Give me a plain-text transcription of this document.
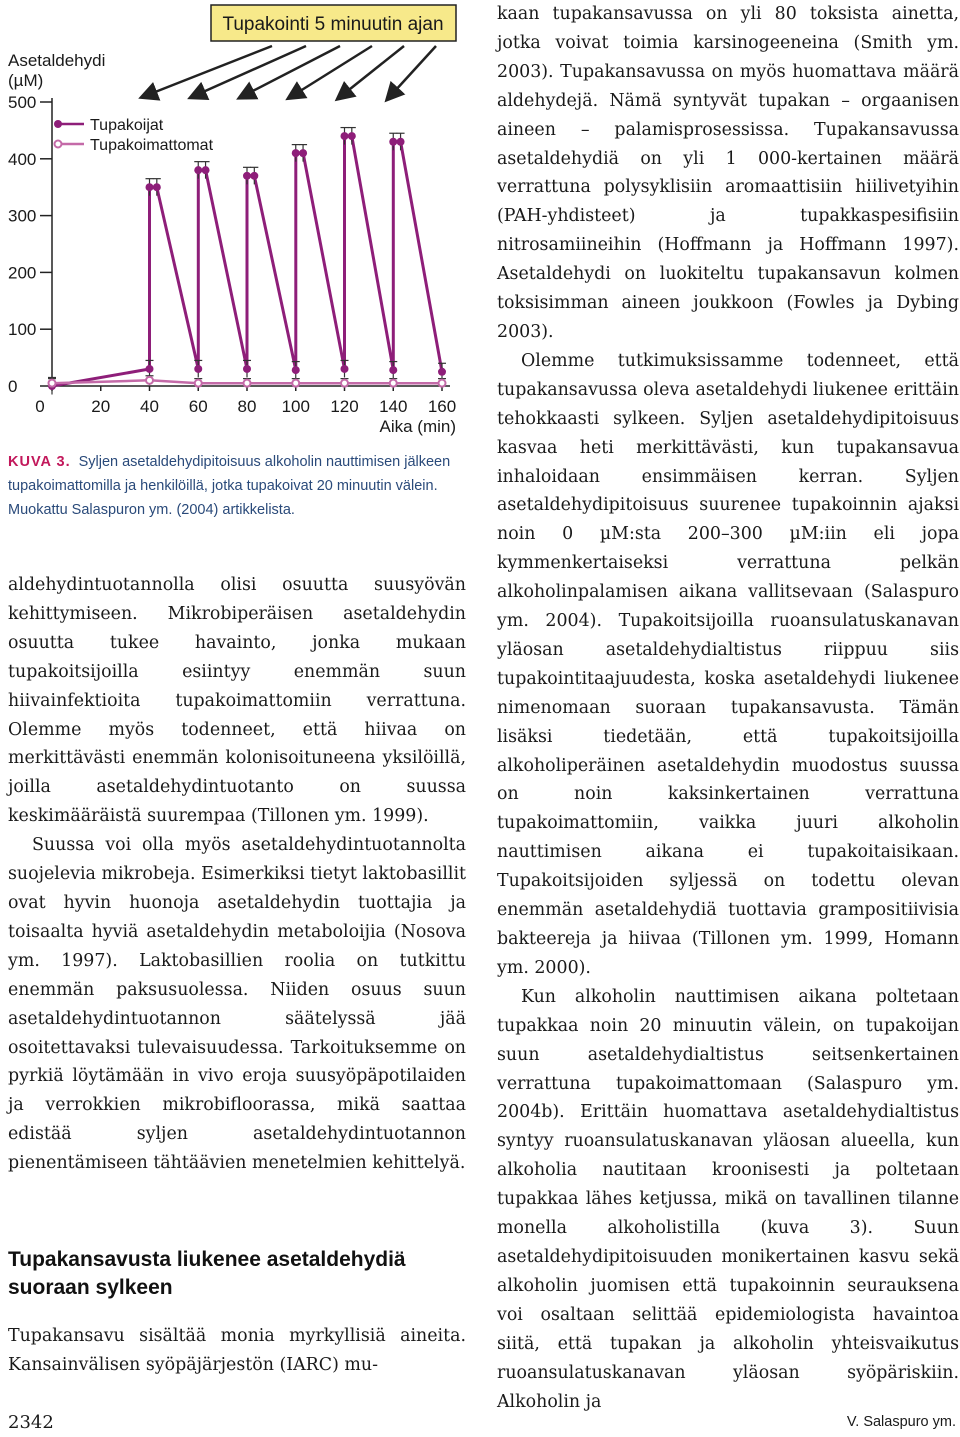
Tupakointi 5 minuutin ajan
Asetaldehydi
(µM)
Aika (min)
500
400
300
200
100
0
0	20 40 60 80 100 120 140 160
Tupakoijat
Tupakoimattomat
KUVA 3. Syljen asetaldehydipitoisuus alkoholin nauttimisen jälkeen tupakoimattomilla ja henkilöillä, jotka tupakoivat 20 minuutin välein. Muokattu Salaspuron ym. (2004) artikkelista.

aldehydintuotannolla olisi osuutta suusyövän kehittymiseen. Mikrobiperäisen asetaldehydin osuutta tukee havainto, jonka mukaan tupakoitsijoilla esiintyy enemmän suun hiivainfektioita tupakoimattomiin verrattuna. Olemme myös todenneet, että hiivaa on merkittävästi enemmän kolonisoituneena yksilöillä, joilla asetaldehydintuotanto on suussa keskimääräistä suurempaa (Tillonen ym. 1999).

Suussa voi olla myös asetaldehydintuotannolta suojelevia mikrobeja. Esimerkiksi tietyt laktobasillit ovat hyvin huonoja asetaldehydin tuottajia ja toisaalta hyviä asetaldehydin metaboloijia (Nosova ym. 1997). Laktobasillien roolia on tutkittu enemmän paksusuolessa. Niiden osuus suun asetaldehydintuotannon säätelyssä jää osoitettavaksi tulevaisuudessa. Tarkoituksemme on pyrkiä löytämään in vivo eroja suusyöpäpotilaiden ja verrokkien mikrobifloorassa, mikä saattaa edistää syljen asetaldehydintuotannon pienentämiseen tähtäävien menetelmien kehittelyä.

Tupakansavusta liukenee asetaldehydiä suoraan sylkeen

Tupakansavu sisältää monia myrkyllisiä aineita. Kansainvälisen syöpäjärjestön (IARC) mu-

kaan tupakansavussa on yli 80 toksista ainetta, jotka voivat toimia karsinogeeneina (Smith ym. 2003). Tupakansavussa on myös huomattava määrä aldehydejä. Nämä syntyvät tupakan – orgaanisen aineen – palamisprosessissa. Tupakansavussa asetaldehydiä on yli 1 000-kertainen määrä verrattuna polysyklisiin aromaattisiin hiilivetyihin (PAH-yhdisteet) ja tupakkaspesifisiin nitrosamiineihin (Hoffmann ja Hoffmann 1997). Asetaldehydi on luokiteltu tupakansavun kolmen toksisimman aineen joukkoon (Fowles ja Dybing 2003).

Olemme tutkimuksissamme todenneet, että tupakansavussa oleva asetaldehydi liukenee erittäin tehokkaasti sylkeen. Syljen asetaldehydipitoisuus kasvaa heti merkittävästi, kun tupakansavua inhaloidaan ensimmäisen kerran. Syljen asetaldehydipitoisuus suurenee tupakoinnin ajaksi noin 0 µM:sta 200–300 µM:iin eli jopa kymmenkertaiseksi verrattuna pelkän alkoholinpalamisen aikana vallitsevaan (Salaspuro ym. 2004). Tupakoitsijoilla ruoansulatuskanavan yläosan asetaldehydialtistus riippuu siis tupakointitaajuudesta, koska asetaldehydi liukenee nimenomaan suoraan tupakansavusta. Tämän lisäksi tiedetään, että tupakoitsijoilla alkoholiperäinen asetaldehydin muodostus suussa on noin kaksinkertainen verrattuna tupakoimattomiin, vaikka juuri alkoholin nauttimisen aikana ei tupakoitaisikaan. Tupakoitsijoiden syljessä on todettu olevan enemmän asetaldehydiä tuottavia grampositiivisia bakteereja ja hiivaa (Tillonen ym. 1999, Homann ym. 2000).

Kun alkoholin nauttimisen aikana poltetaan tupakkaa noin 20 minuutin välein, on tupakoijan suun asetaldehydialtistus seitsenkertainen verrattuna tupakoimattomaan (Salaspuro ym. 2004b). Erittäin huomattava asetaldehydialtistus syntyy ruoansulatuskanavan yläosan alueella, kun alkoholia nautitaan kroonisesti ja poltetaan tupakkaa lähes ketjussa, mikä on tavallinen tilanne monella alkoholistilla (kuva 3). Suun asetaldehydipitoisuuden monikertainen kasvu sekä alkoholin juomisen että tupakoinnin seurauksena voi osaltaan selittää epidemiologista havaintoa siitä, että tupakan ja alkoholin yhteisvaikutus ruoansulatuskanavan yläosan syöpäriskiin. Alkoholin ja

2342	V. Salaspuro ym.
